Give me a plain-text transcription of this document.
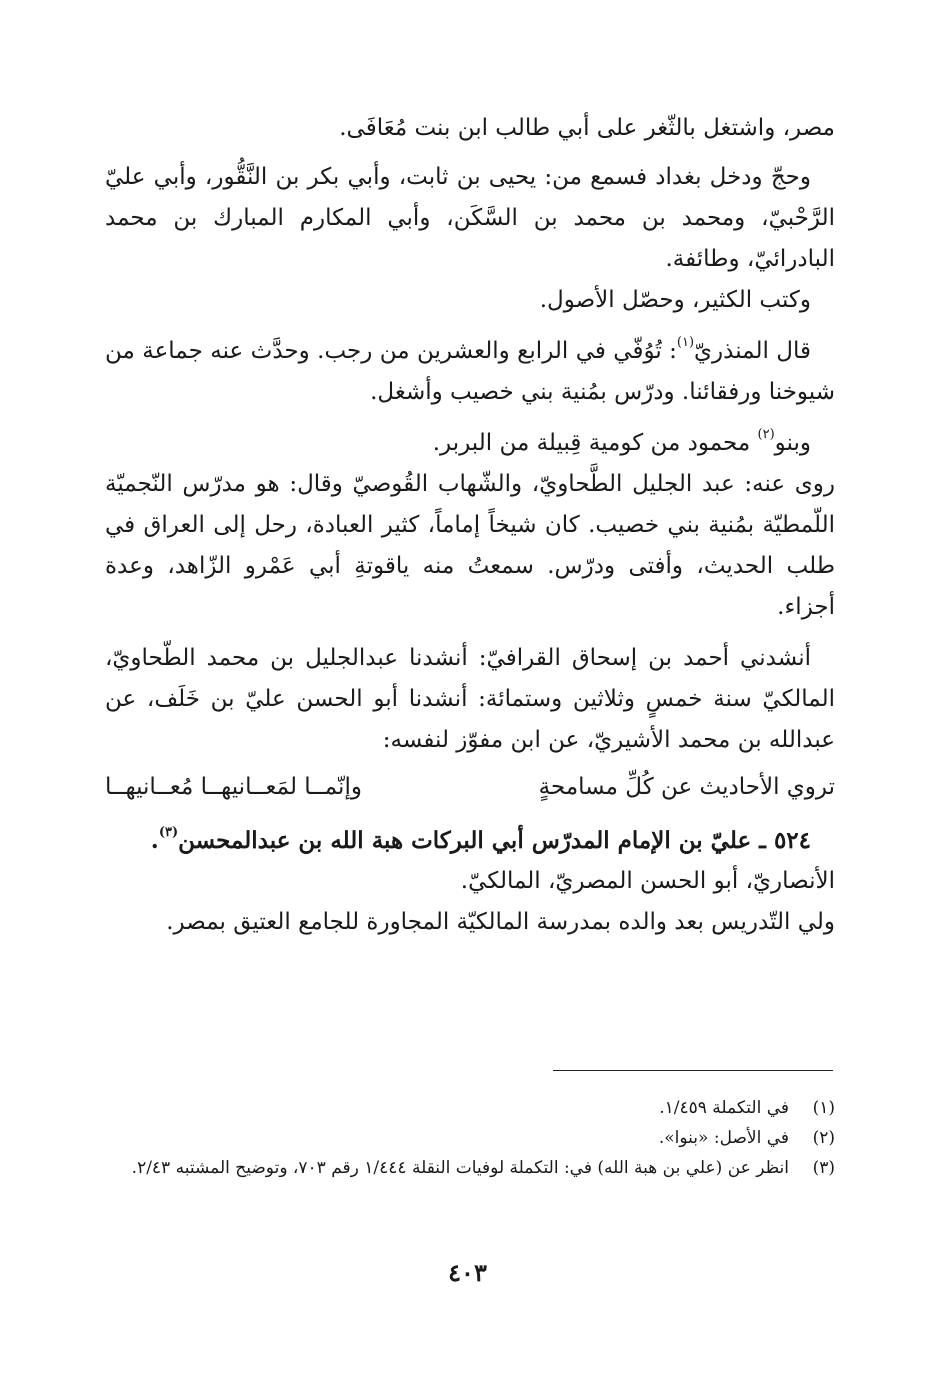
مصر، واشتغل بالثّغر على أبي طالب ابن بنت مُعَافَى.

وحجّ ودخل بغداد فسمع من: يحيى بن ثابت، وأبي بكر بن النَّقُّور، وأبي عليّ الرَّحْبيّ، ومحمد بن محمد بن السَّكَن، وأبي المكارم المبارك بن محمد البادرائيّ، وطائفة.

وكتب الكثير، وحصّل الأصول.

قال المنذريّ$^{(١)}$: تُوُفّي في الرابع والعشرين من رجب. وحدَّث عنه جماعة من شيوخنا ورفقائنا. ودرّس بمُنية بني خصيب وأشغل.

وبنو$^{(٢)}$ محمود من كومية قِبيلة من البربر.

روى عنه: عبد الجليل الطَّحاويّ، والشّهاب القُوصيّ وقال: هو مدرّس النّجميّة اللّمطيّة بمُنية بني خصيب. كان شيخاً إماماً، كثير العبادة، رحل إلى العراق في طلب الحديث، وأفتى ودرّس. سمعتُ منه ياقوتةِ أبي عَمْرو الزّاهد، وعدة أجزاء.

أنشدني أحمد بن إسحاق القرافيّ: أنشدنا عبدالجليل بن محمد الطّحاويّ، المالكيّ سنة خمسٍ وثلاثين وستمائة: أنشدنا أبو الحسن عليّ بن خَلَف، عن عبدالله بن محمد الأشيريّ، عن ابن مفوّز لنفسه:

تروي الأحاديث عن كُلِّ مسامحةٍ
وإنّمــا لمَعــانيهــا مُعــانيهــا

٥٢٤ ـ عليّ بن الإمام المدرّس أبي البركات هبة الله بن عبدالمحسن$^{(٣)}$.

الأنصاريّ، أبو الحسن المصريّ، المالكيّ.

ولي التّدريس بعد والده بمدرسة المالكيّة المجاورة للجامع العتيق بمصر.

(١)
في التكملة ١/٤٥٩.
(٢)
في الأصل: «بنوا».
(٣)
انظر عن (علي بن هبة الله) في: التكملة لوفيات النقلة ١/٤٤٤ رقم ٧٠٣، وتوضيح المشتبه ٢/٤٣.
٤٠٣
